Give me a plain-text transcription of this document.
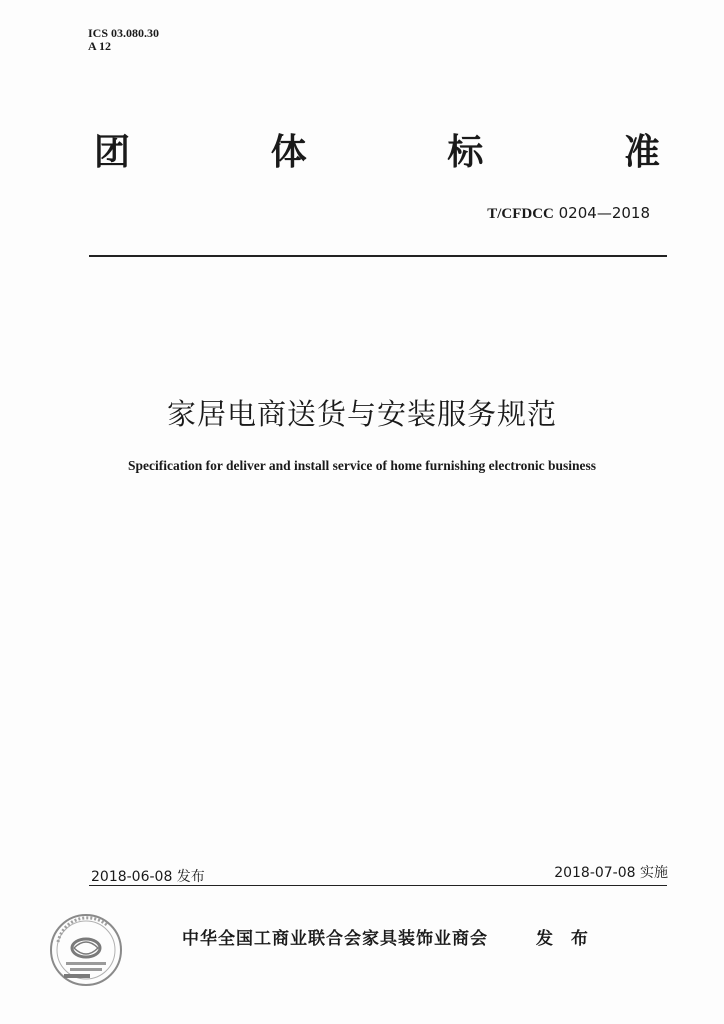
ICS 03.080.30
A 12
团	体	标	准
T/CFDCC 0204—2018
家居电商送货与安装服务规范
Specification for deliver and install service of home furnishing electronic business
2018-06-08 发布	2018-07-08 实施
中华全国工商业联合会家具装饰业商会	发 布
